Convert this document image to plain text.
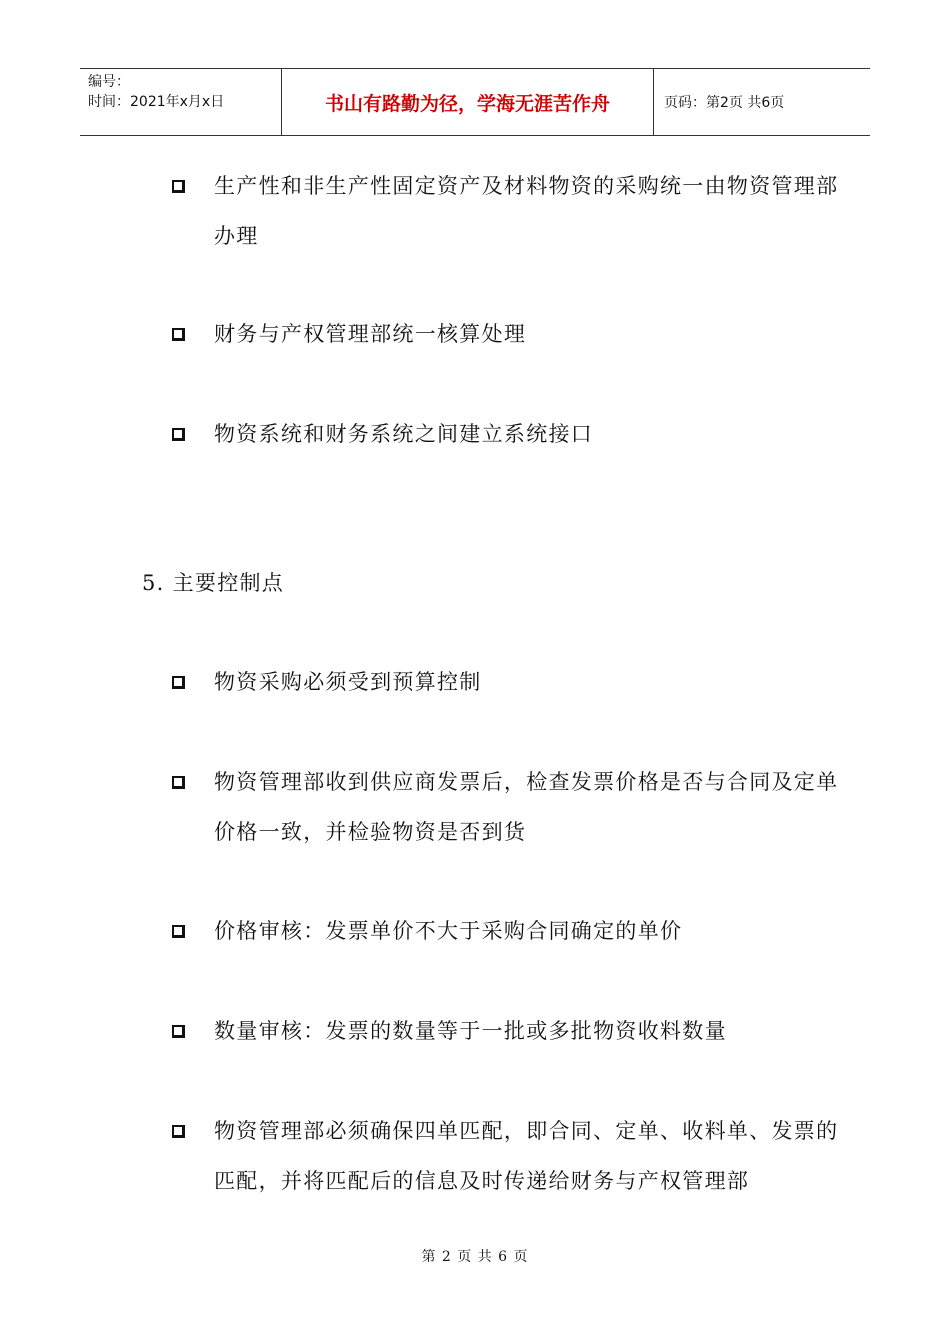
编号：
时间：2021年x月x日	书山有路勤为径，学海无涯苦作舟	页码：第2页 共6页
生产性和非生产性固定资产及材料物资的采购统一由物资管理部办理
财务与产权管理部统一核算处理
物资系统和财务系统之间建立系统接口
5. 主要控制点
物资采购必须受到预算控制
物资管理部收到供应商发票后，检查发票价格是否与合同及定单价格一致，并检验物资是否到货
价格审核：发票单价不大于采购合同确定的单价
数量审核：发票的数量等于一批或多批物资收料数量
物资管理部必须确保四单匹配，即合同、定单、收料单、发票的匹配，并将匹配后的信息及时传递给财务与产权管理部
第 2 页 共 6 页
